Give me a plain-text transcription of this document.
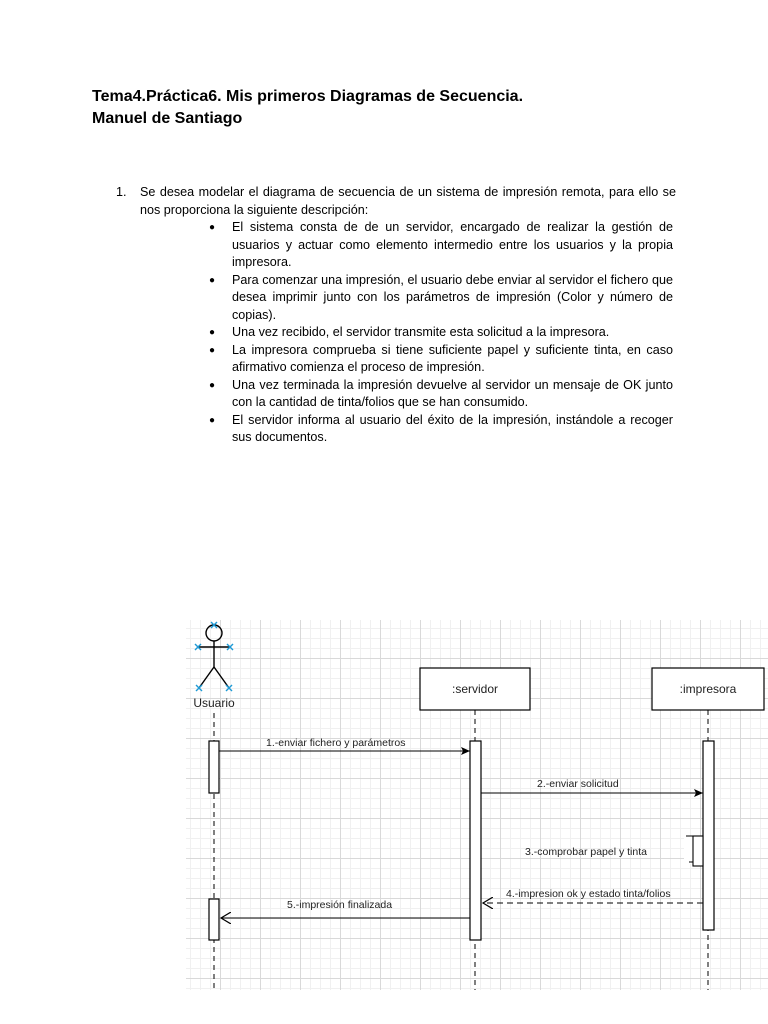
Tema4.Práctica6. Mis primeros Diagramas de Secuencia.
Manuel de Santiago
1.	Se desea modelar el diagrama de secuencia de un sistema de impresión remota, para ello se nos proporciona la siguiente descripción:
● El sistema consta de de un servidor, encargado de realizar la gestión de usuarios y actuar como elemento intermedio entre los usuarios y la propia impresora.
● Para comenzar una impresión, el usuario debe enviar al servidor el fichero que desea imprimir junto con los parámetros de impresión (Color y número de copias).
● Una vez recibido, el servidor transmite esta solicitud a la impresora.
● La impresora comprueba si tiene suficiente papel y suficiente tinta, en caso afirmativo comienza el proceso de impresión.
● Una vez terminada la impresión devuelve al servidor un mensaje de OK junto con la cantidad de tinta/folios que se han consumido.
● El servidor informa al usuario del éxito de la impresión, instándole a recoger sus documentos.
Usuario
:servidor	:impresora
1.-enviar fichero y parámetros
2.-enviar solicitud
3.-comprobar papel y tinta
4.-impresion ok y estado tinta/folios
5.-impresión finalizada
